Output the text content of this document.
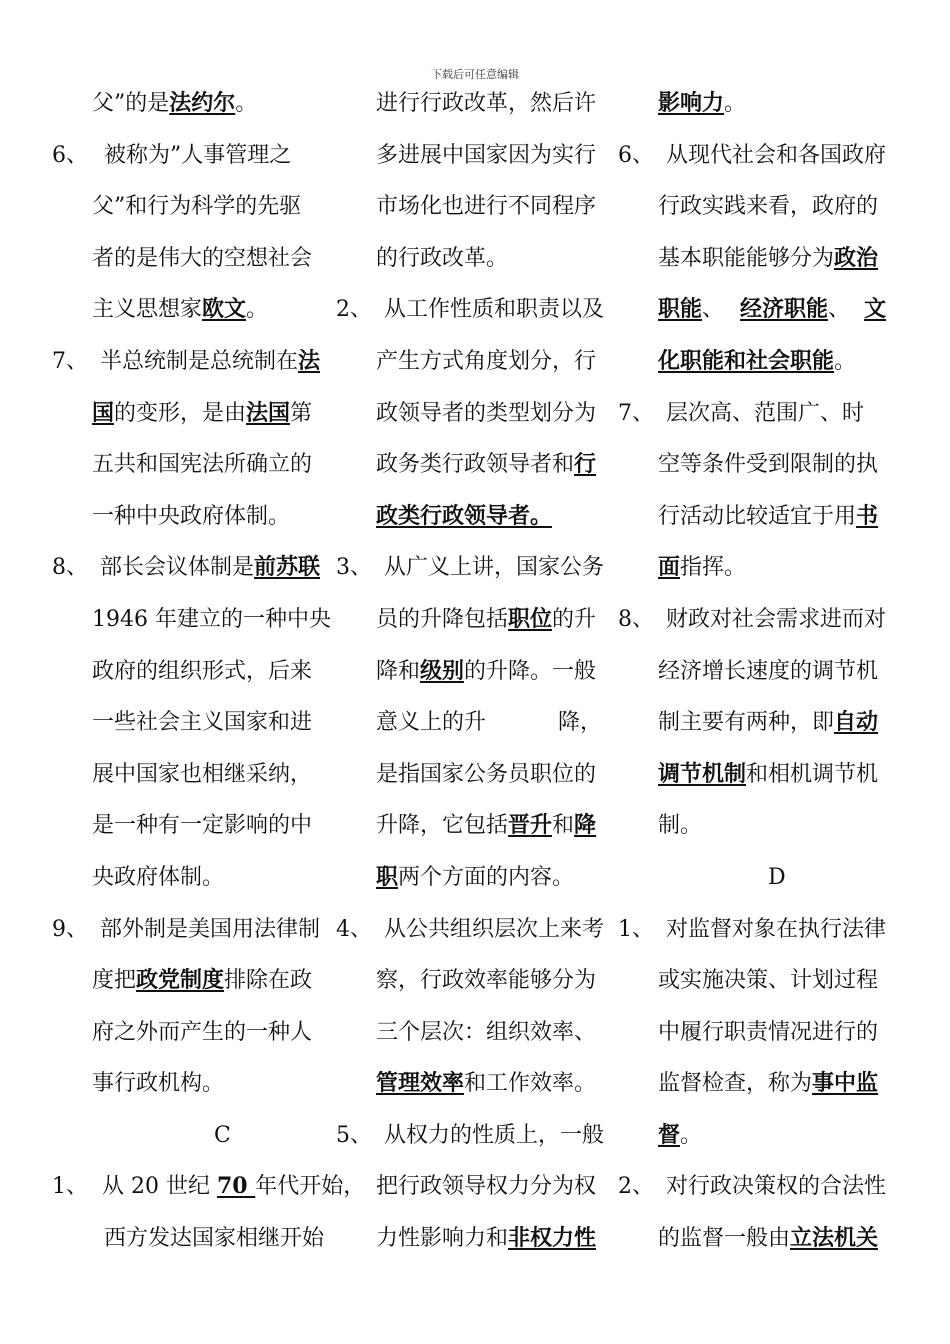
下载后可任意编辑
父”的是法约尔。
6、 被称为”人事管理之
父”和行为科学的先驱
者的是伟大的空想社会
主义思想家欧文。
7、 半总统制是总统制在法
国的变形，是由法国第
五共和国宪法所确立的
一种中央政府体制。
8、 部长会议体制是前苏联
1946 年建立的一种中央
政府的组织形式，后来
一些社会主义国家和进
展中国家也相继采纳，
是一种有一定影响的中
央政府体制。
9、 部外制是美国用法律制
度把政党制度排除在政
府之外而产生的一种人
事行政机构。
C
1、 从 20 世纪 70 年代开始，
西方发达国家相继开始
进行行政改革，然后许
多进展中国家因为实行
市场化也进行不同程序
的行政改革。
2、 从工作性质和职责以及
产生方式角度划分，行
政领导者的类型划分为
政务类行政领导者和行
政类行政领导者。
3、 从广义上讲，国家公务
员的升降包括职位的升
降和级别的升降。一般
意义上的升	降，
是指国家公务员职位的
升降，它包括晋升和降
职两个方面的内容。
4、 从公共组织层次上来考
察，行政效率能够分为
三个层次：组织效率、
管理效率和工作效率。
5、 从权力的性质上，一般
把行政领导权力分为权
力性影响力和非权力性
影响力。
6、 从现代社会和各国政府
行政实践来看，政府的
基本职能能够分为政治
职能、 经济职能、 文
化职能和社会职能。
7、 层次高、范围广、时
空等条件受到限制的执
行活动比较适宜于用书
面指挥。
8、 财政对社会需求进而对
经济增长速度的调节机
制主要有两种，即自动
调节机制和相机调节机
制。
D
1、 对监督对象在执行法律
或实施决策、计划过程
中履行职责情况进行的
监督检查，称为事中监
督。
2、 对行政决策权的合法性
的监督一般由立法机关
